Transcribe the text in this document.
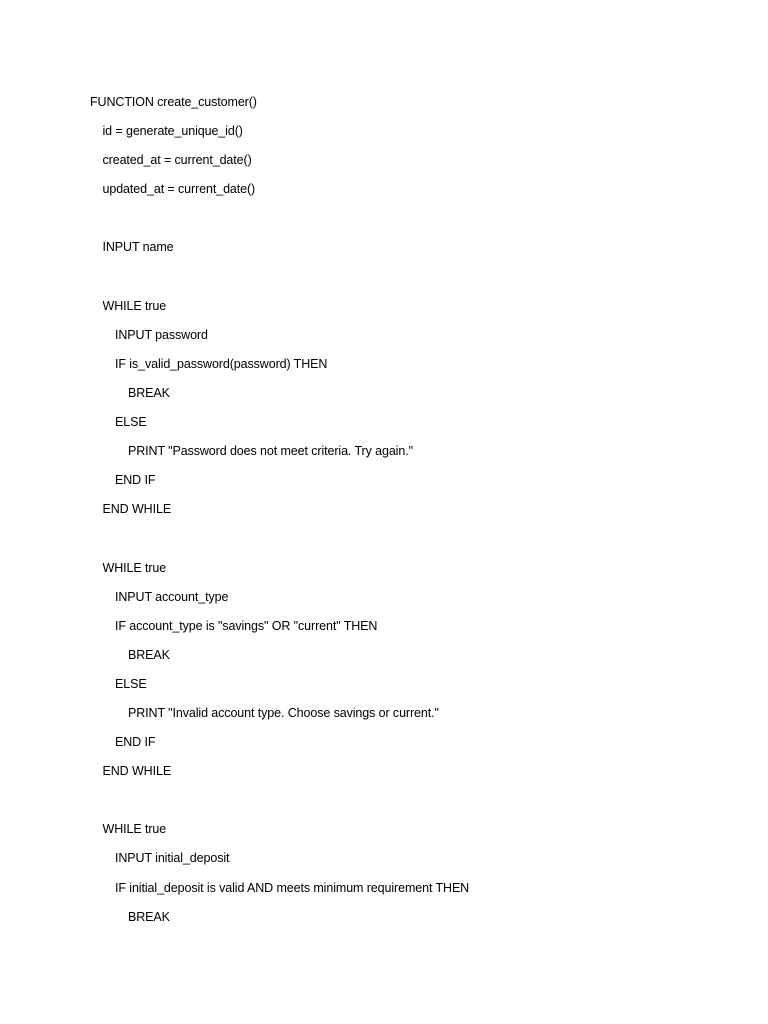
FUNCTION create_customer()
id = generate_unique_id()
created_at = current_date()
updated_at = current_date()
INPUT name
WHILE true
INPUT password
IF is_valid_password(password) THEN
BREAK
ELSE
PRINT "Password does not meet criteria. Try again."
END IF
END WHILE
WHILE true
INPUT account_type
IF account_type is "savings" OR "current" THEN
BREAK
ELSE
PRINT "Invalid account type. Choose savings or current."
END IF
END WHILE
WHILE true
INPUT initial_deposit
IF initial_deposit is valid AND meets minimum requirement THEN
BREAK
